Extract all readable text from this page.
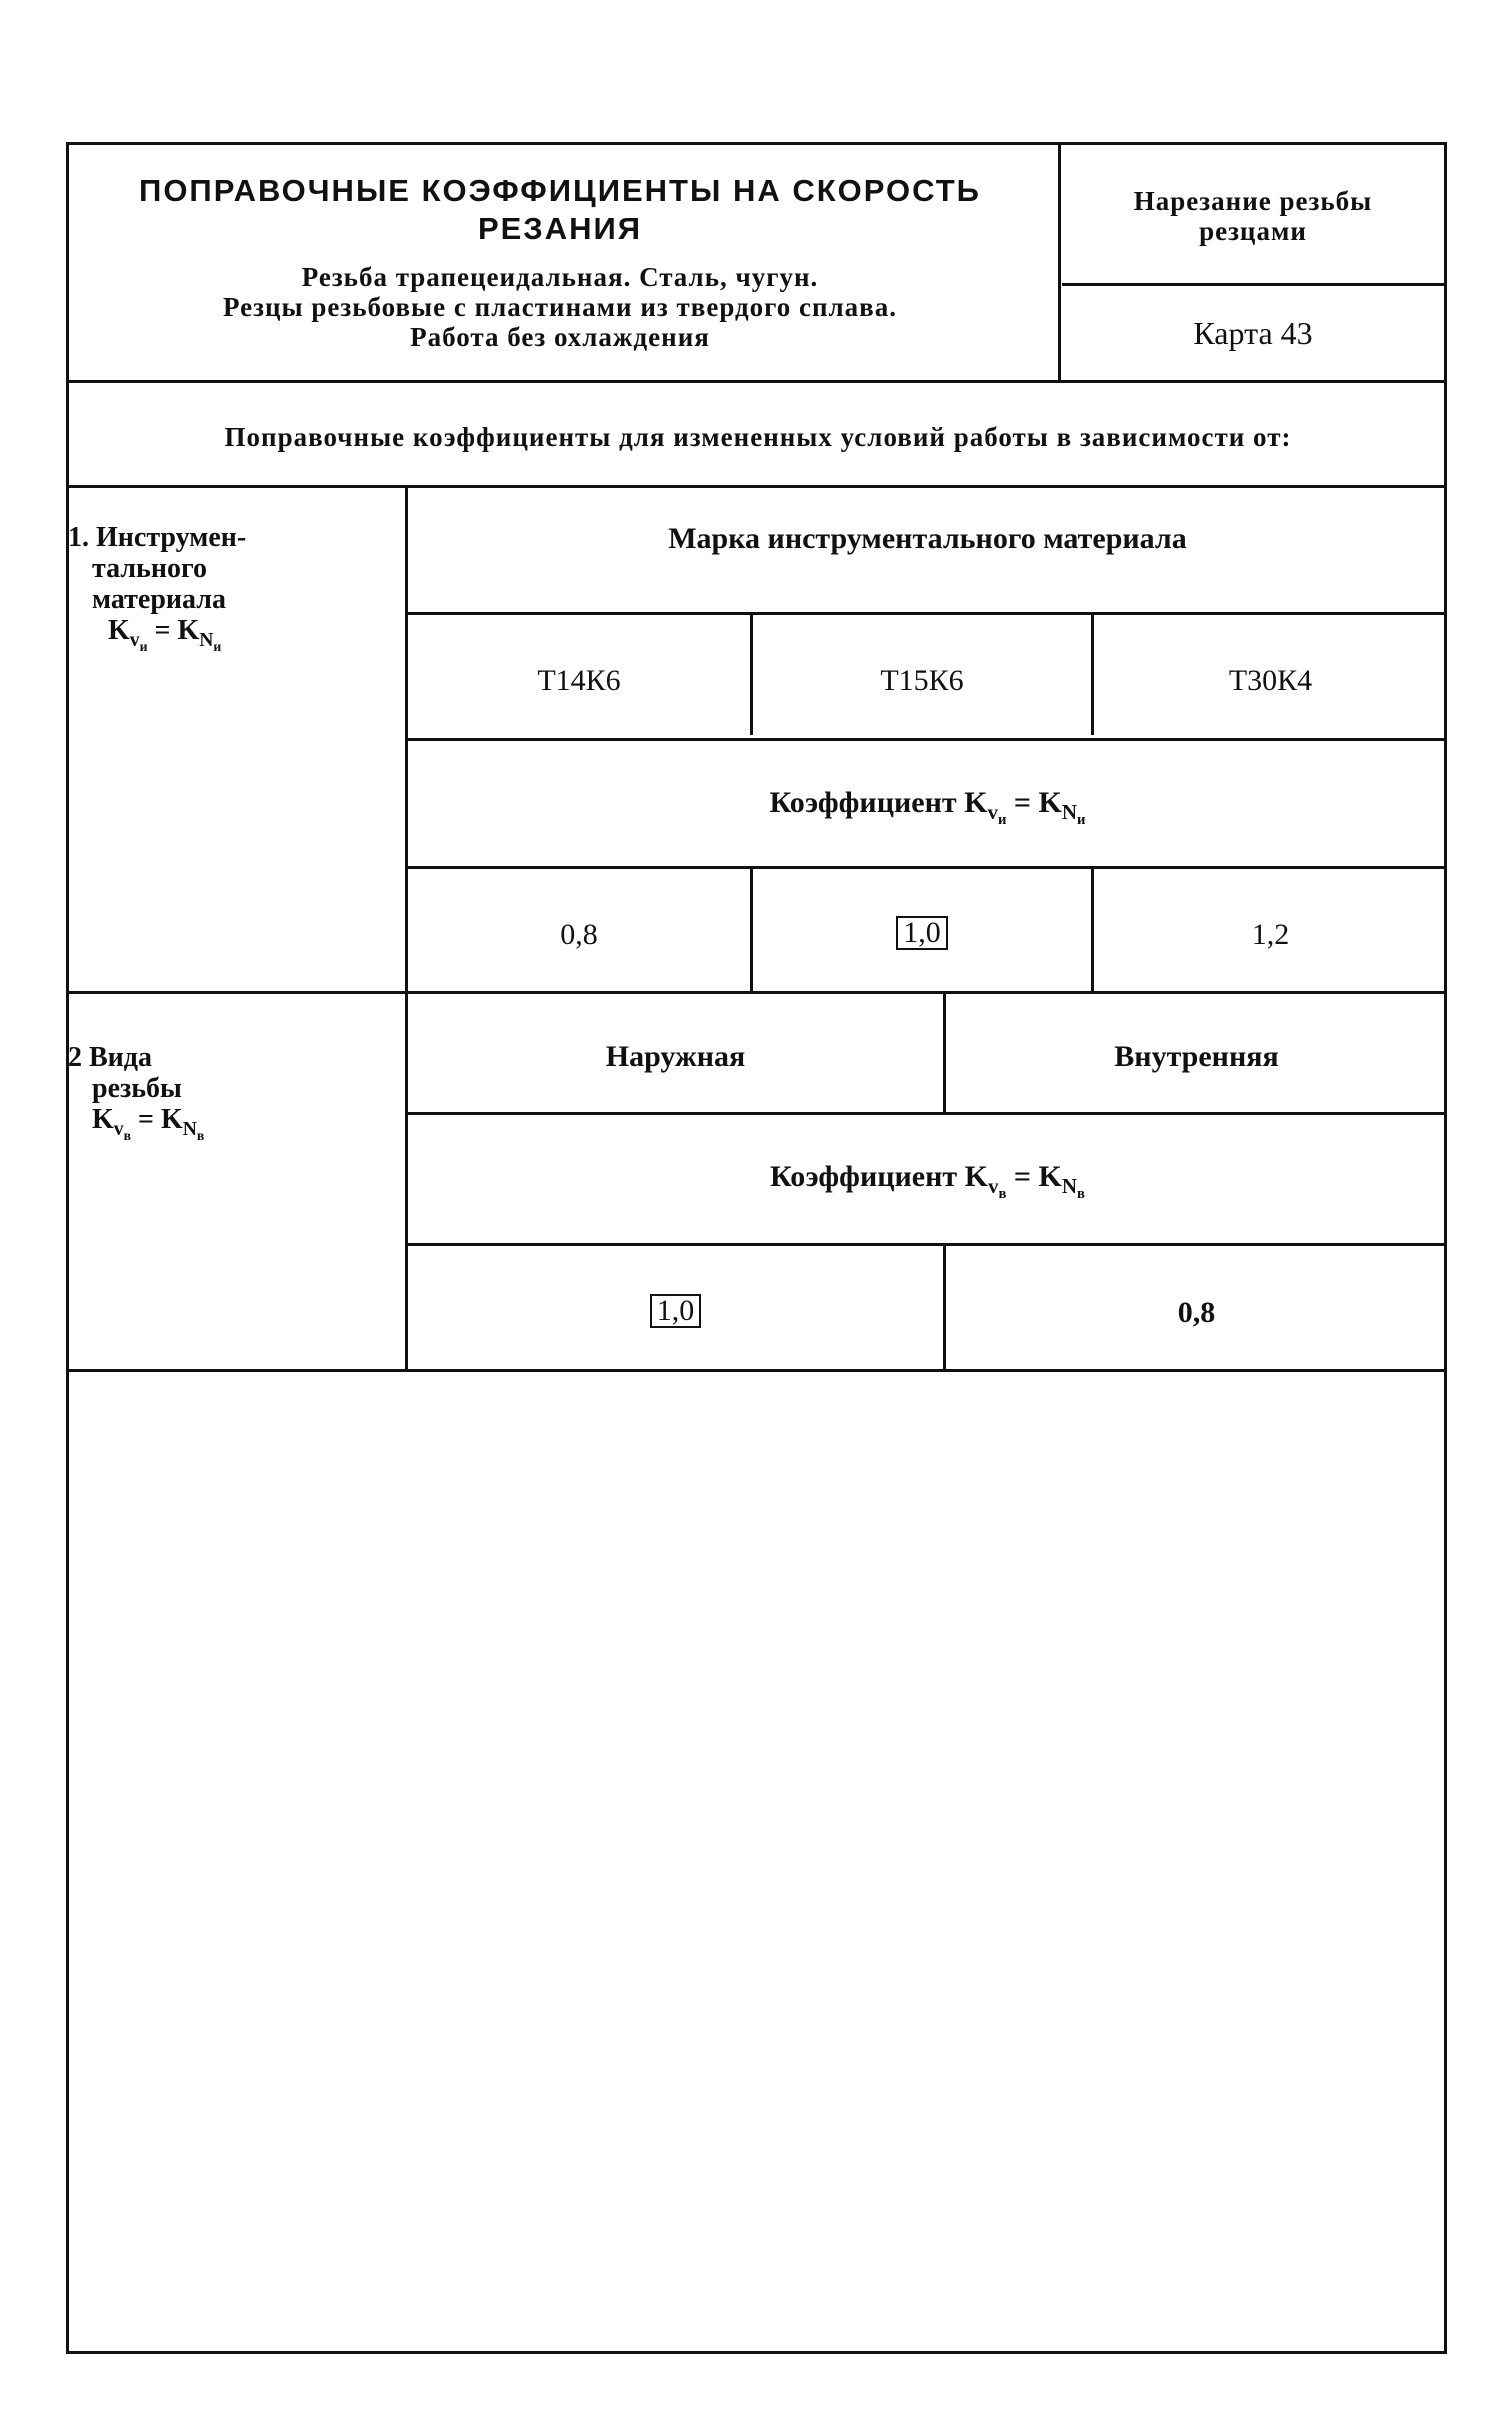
ПОПРАВОЧНЫЕ КОЭФФИЦИЕНТЫ НА СКОРОСТЬ
РЕЗАНИЯ
Резьба трапецеидальная. Сталь, чугун.
Резцы резьбовые с пластинами из твердого сплава.
Работа без охлаждения
Нарезание резьбы
резцами
Карта 43
Поправочные коэффициенты для измененных условий работы в зависимости от:
1. Инструмен-
тального
материала
$K_{v_и} = K_{N_и}$
Марка инструментального материала
Т14К6	Т15К6	Т30К4
Коэффициент $K_{v_и} = K_{N_и}$
0,8	1,0	1,2
2 Вида
резьбы
$K_{v_в} = K_{N_в}$
Наружная	Внутренняя
Коэффициент $K_{v_в} = K_{N_в}$
1,0	0,8
